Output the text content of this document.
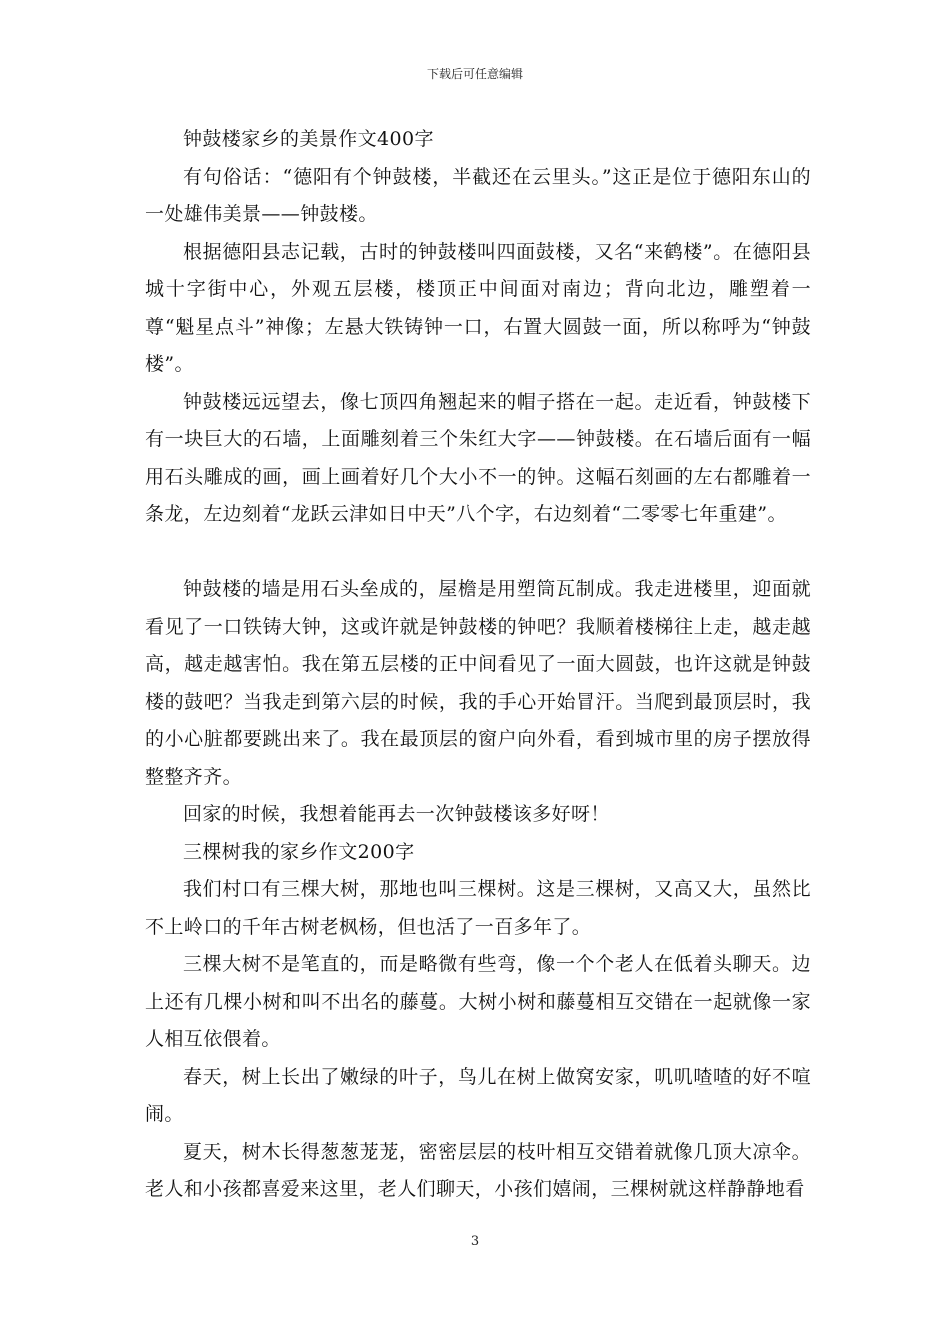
下载后可任意编辑

钟鼓楼家乡的美景作文400字

有句俗话：“德阳有个钟鼓楼，半截还在云里头。”这正是位于德阳东山的一处雄伟美景——钟鼓楼。

根据德阳县志记载，古时的钟鼓楼叫四面鼓楼，又名“来鹤楼”。在德阳县城十字街中心，外观五层楼，楼顶正中间面对南边；背向北边，雕塑着一尊“魁星点斗”神像；左悬大铁铸钟一口，右置大圆鼓一面，所以称呼为“钟鼓楼”。

钟鼓楼远远望去，像七顶四角翘起来的帽子搭在一起。走近看，钟鼓楼下有一块巨大的石墙，上面雕刻着三个朱红大字——钟鼓楼。在石墙后面有一幅用石头雕成的画，画上画着好几个大小不一的钟。这幅石刻画的左右都雕着一条龙，左边刻着“龙跃云津如日中天”八个字，右边刻着“二零零七年重建”。

钟鼓楼的墙是用石头垒成的，屋檐是用塑筒瓦制成。我走进楼里，迎面就看见了一口铁铸大钟，这或许就是钟鼓楼的钟吧？我顺着楼梯往上走，越走越高，越走越害怕。我在第五层楼的正中间看见了一面大圆鼓，也许这就是钟鼓楼的鼓吧？当我走到第六层的时候，我的手心开始冒汗。当爬到最顶层时，我的小心脏都要跳出来了。我在最顶层的窗户向外看，看到城市里的房子摆放得整整齐齐。

回家的时候，我想着能再去一次钟鼓楼该多好呀！

三棵树我的家乡作文200字

我们村口有三棵大树，那地也叫三棵树。这是三棵树，又高又大，虽然比不上岭口的千年古树老枫杨，但也活了一百多年了。

三棵大树不是笔直的，而是略微有些弯，像一个个老人在低着头聊天。边上还有几棵小树和叫不出名的藤蔓。大树小树和藤蔓相互交错在一起就像一家人相互依偎着。

春天，树上长出了嫩绿的叶子，鸟儿在树上做窝安家，叽叽喳喳的好不喧闹。

夏天，树木长得葱葱茏茏，密密层层的枝叶相互交错着就像几顶大凉伞。老人和小孩都喜爱来这里，老人们聊天，小孩们嬉闹，三棵树就这样静静地看

3
